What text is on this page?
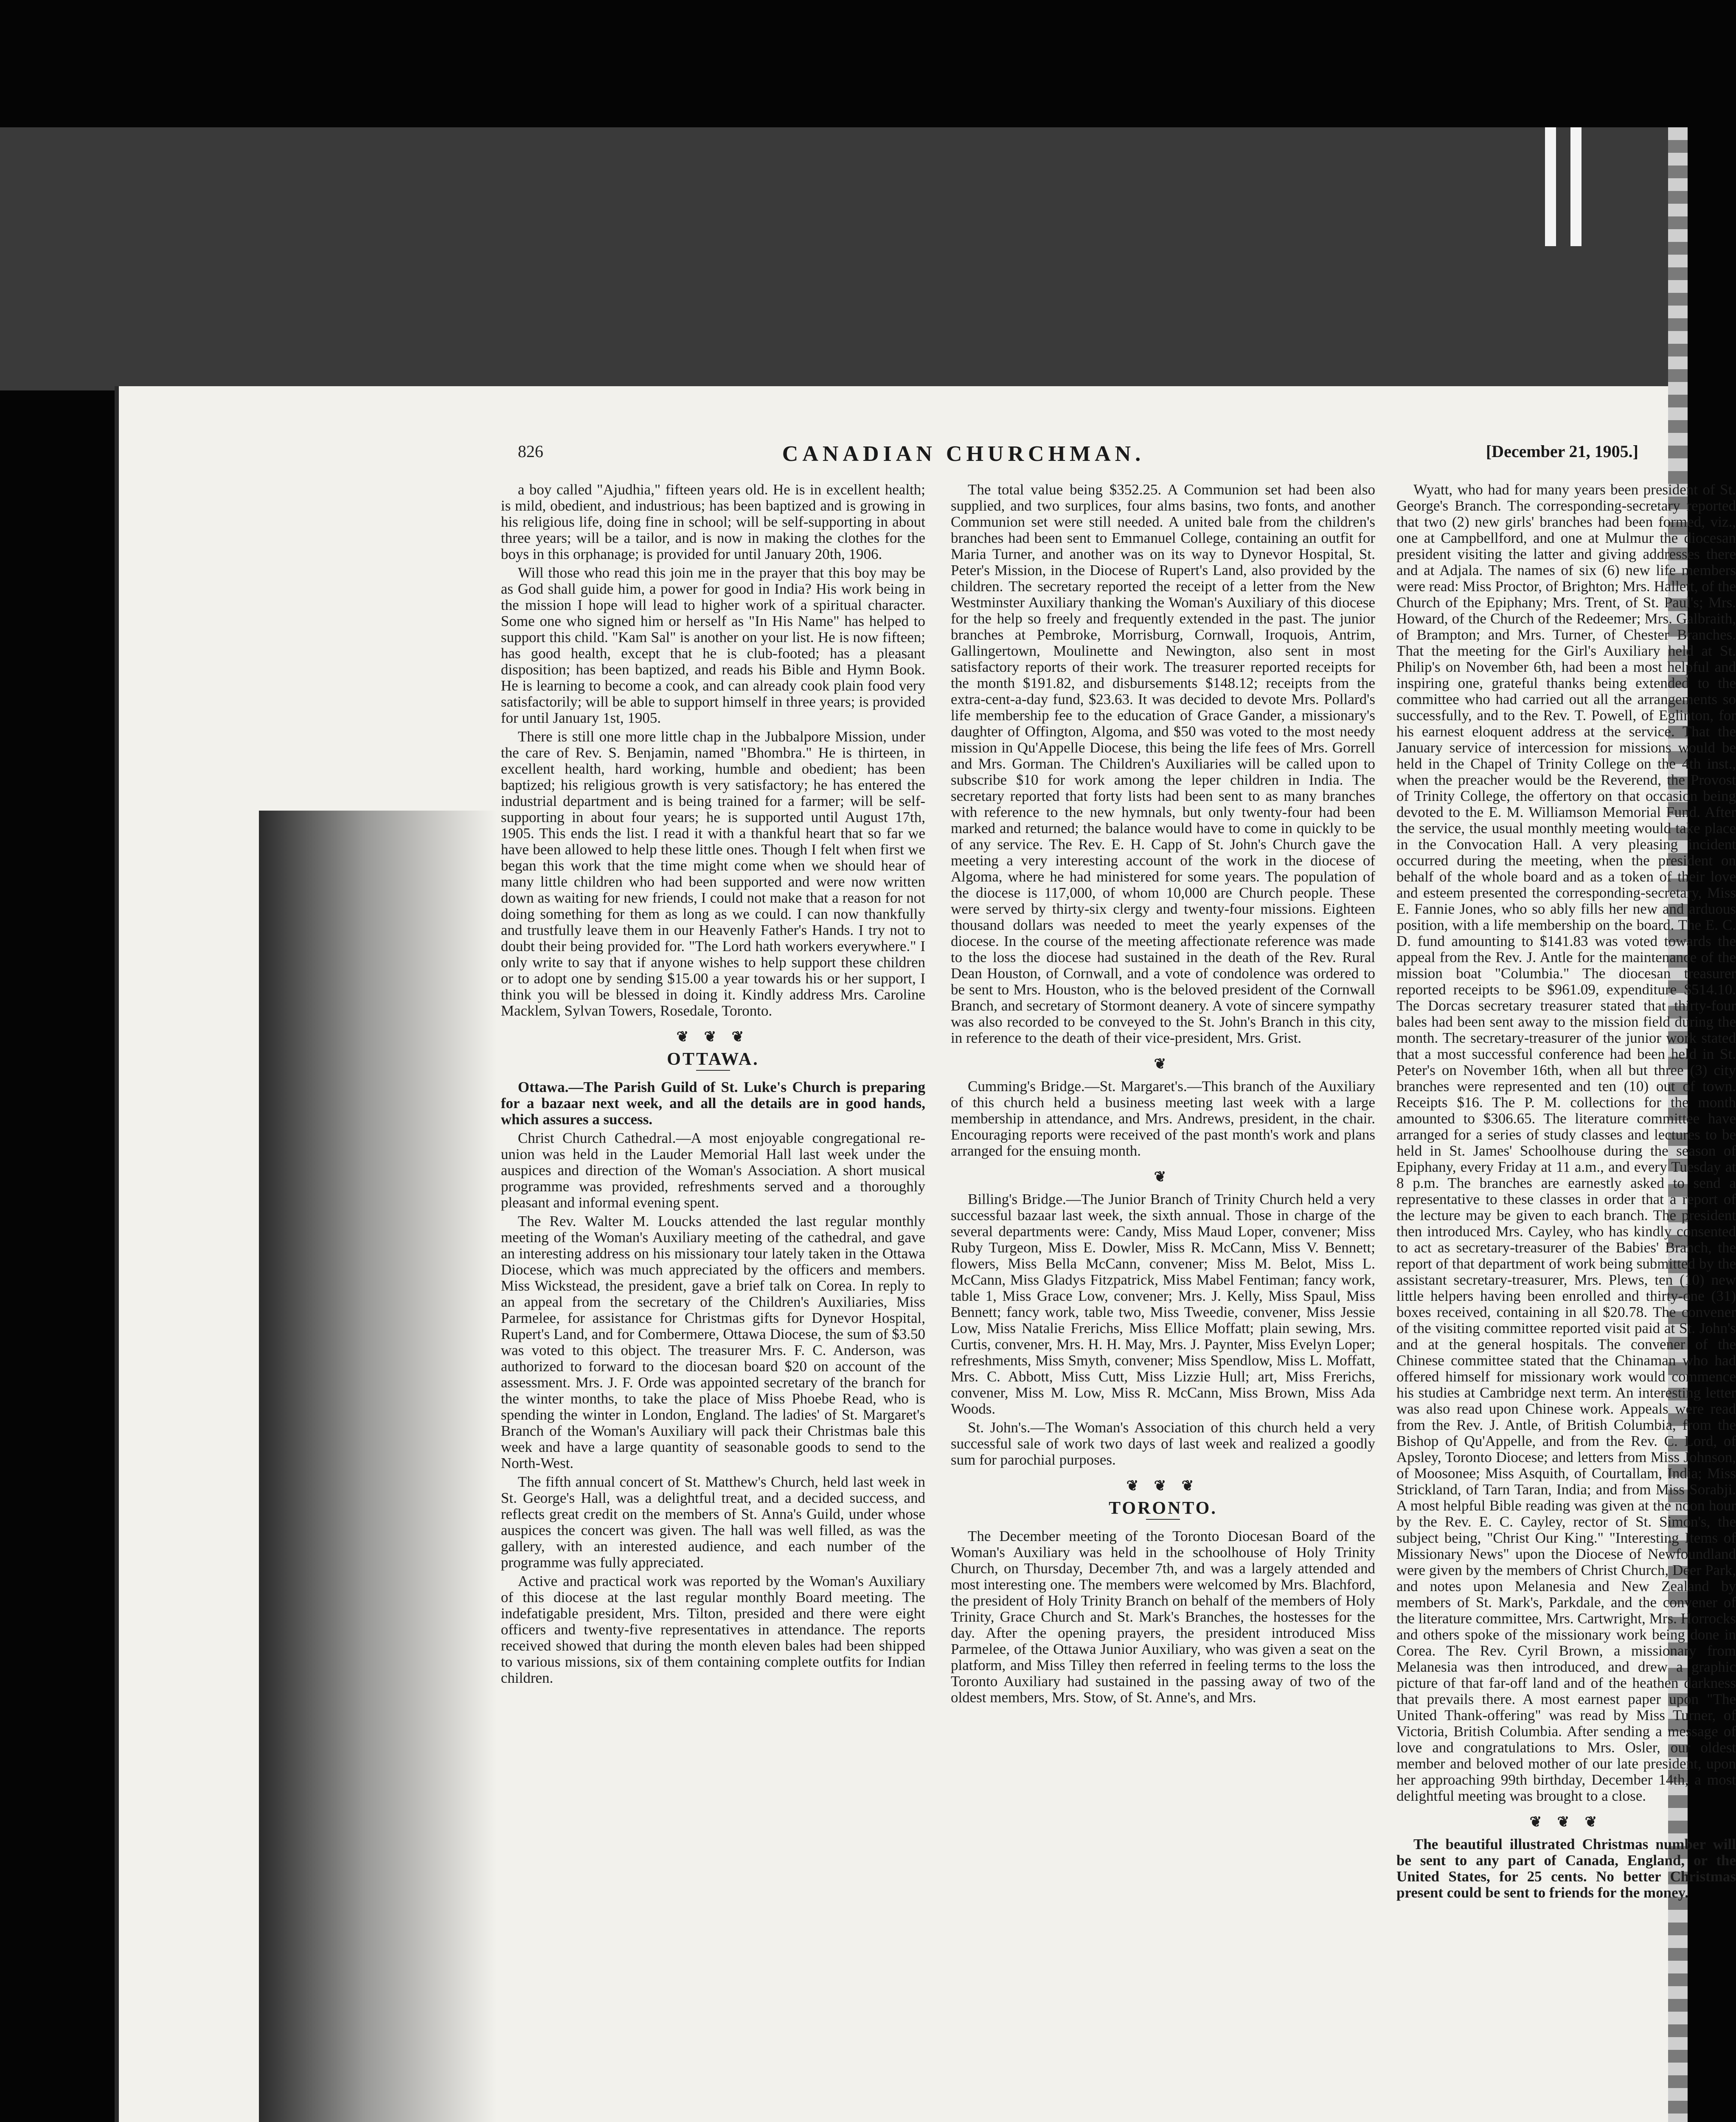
826	CANADIAN CHURCHMAN.	[December 21, 1905.]

a boy called "Ajudhia," fifteen years old. He is in excellent health; is mild, obedient, and industrious; has been baptized and is growing in his religious life, doing fine in school; will be self-supporting in about three years; will be a tailor, and is now in making the clothes for the boys in this orphanage; is provided for until January 20th, 1906.

Will those who read this join me in the prayer that this boy may be as God shall guide him, a power for good in India? His work being in the mission I hope will lead to higher work of a spiritual character. Some one who signed him or herself as "In His Name" has helped to support this child. "Kam Sal" is another on your list. He is now fifteen; has good health, except that he is club-footed; has a pleasant disposition; has been baptized, and reads his Bible and Hymn Book. He is learning to become a cook, and can already cook plain food very satisfactorily; will be able to support himself in three years; is provided for until January 1st, 1905.

There is still one more little chap in the Jubbalpore Mission, under the care of Rev. S. Benjamin, named "Bhombra." He is thirteen, in excellent health, hard working, humble and obedient; has been baptized; his religious growth is very satisfactory; he has entered the industrial department and is being trained for a farmer; will be self-supporting in about four years; he is supported until August 17th, 1905. This ends the list. I read it with a thankful heart that so far we have been allowed to help these little ones. Though I felt when first we began this work that the time might come when we should hear of many little children who had been supported and were now written down as waiting for new friends, I could not make that a reason for not doing something for them as long as we could. I can now thankfully and trustfully leave them in our Heavenly Father's Hands. I try not to doubt their being provided for. "The Lord hath workers everywhere." I only write to say that if anyone wishes to help support these children or to adopt one by sending $15.00 a year towards his or her support, I think you will be blessed in doing it. Kindly address Mrs. Caroline Macklem, Sylvan Towers, Rosedale, Toronto.

❦ ❦ ❦
OTTAWA.

Ottawa.—The Parish Guild of St. Luke's Church is preparing for a bazaar next week, and all the details are in good hands, which assures a success.

Christ Church Cathedral.—A most enjoyable congregational re-union was held in the Lauder Memorial Hall last week under the auspices and direction of the Woman's Association. A short musical programme was provided, refreshments served and a thoroughly pleasant and informal evening spent.

The Rev. Walter M. Loucks attended the last regular monthly meeting of the Woman's Auxiliary meeting of the cathedral, and gave an interesting address on his missionary tour lately taken in the Ottawa Diocese, which was much appreciated by the officers and members. Miss Wickstead, the president, gave a brief talk on Corea. In reply to an appeal from the secretary of the Children's Auxiliaries, Miss Parmelee, for assistance for Christmas gifts for Dynevor Hospital, Rupert's Land, and for Combermere, Ottawa Diocese, the sum of $3.50 was voted to this object. The treasurer Mrs. F. C. Anderson, was authorized to forward to the diocesan board $20 on account of the assessment. Mrs. J. F. Orde was appointed secretary of the branch for the winter months, to take the place of Miss Phoebe Read, who is spending the winter in London, England. The ladies' of St. Margaret's Branch of the Woman's Auxiliary will pack their Christmas bale this week and have a large quantity of seasonable goods to send to the North-West.

The fifth annual concert of St. Matthew's Church, held last week in St. George's Hall, was a delightful treat, and a decided success, and reflects great credit on the members of St. Anna's Guild, under whose auspices the concert was given. The hall was well filled, as was the gallery, with an interested audience, and each number of the programme was fully appreciated.

Active and practical work was reported by the Woman's Auxiliary of this diocese at the last regular monthly Board meeting. The indefatigable president, Mrs. Tilton, presided and there were eight officers and twenty-five representatives in attendance. The reports received showed that during the month eleven bales had been shipped to various missions, six of them containing complete outfits for Indian children.

The total value being $352.25. A Communion set had been also supplied, and two surplices, four alms basins, two fonts, and another Communion set were still needed. A united bale from the children's branches had been sent to Emmanuel College, containing an outfit for Maria Turner, and another was on its way to Dynevor Hospital, St. Peter's Mission, in the Diocese of Rupert's Land, also provided by the children. The secretary reported the receipt of a letter from the New Westminster Auxiliary thanking the Woman's Auxiliary of this diocese for the help so freely and frequently extended in the past. The junior branches at Pembroke, Morrisburg, Cornwall, Iroquois, Antrim, Gallingertown, Moulinette and Newington, also sent in most satisfactory reports of their work. The treasurer reported receipts for the month $191.82, and disbursements $148.12; receipts from the extra-cent-a-day fund, $23.63. It was decided to devote Mrs. Pollard's life membership fee to the education of Grace Gander, a missionary's daughter of Offington, Algoma, and $50 was voted to the most needy mission in Qu'Appelle Diocese, this being the life fees of Mrs. Gorrell and Mrs. Gorman. The Children's Auxiliaries will be called upon to subscribe $10 for work among the leper children in India. The secretary reported that forty lists had been sent to as many branches with reference to the new hymnals, but only twenty-four had been marked and returned; the balance would have to come in quickly to be of any service. The Rev. E. H. Capp of St. John's Church gave the meeting a very interesting account of the work in the diocese of Algoma, where he had ministered for some years. The population of the diocese is 117,000, of whom 10,000 are Church people. These were served by thirty-six clergy and twenty-four missions. Eighteen thousand dollars was needed to meet the yearly expenses of the diocese. In the course of the meeting affectionate reference was made to the loss the diocese had sustained in the death of the Rev. Rural Dean Houston, of Cornwall, and a vote of condolence was ordered to be sent to Mrs. Houston, who is the beloved president of the Cornwall Branch, and secretary of Stormont deanery. A vote of sincere sympathy was also recorded to be conveyed to the St. John's Branch in this city, in reference to the death of their vice-president, Mrs. Grist.

❦

Cumming's Bridge.—St. Margaret's.—This branch of the Auxiliary of this church held a business meeting last week with a large membership in attendance, and Mrs. Andrews, president, in the chair. Encouraging reports were received of the past month's work and plans arranged for the ensuing month.

❦

Billing's Bridge.—The Junior Branch of Trinity Church held a very successful bazaar last week, the sixth annual. Those in charge of the several departments were: Candy, Miss Maud Loper, convener; Miss Ruby Turgeon, Miss E. Dowler, Miss R. McCann, Miss V. Bennett; flowers, Miss Bella McCann, convener; Miss M. Belot, Miss L. McCann, Miss Gladys Fitzpatrick, Miss Mabel Fentiman; fancy work, table 1, Miss Grace Low, convener; Mrs. J. Kelly, Miss Spaul, Miss Bennett; fancy work, table two, Miss Tweedie, convener, Miss Jessie Low, Miss Natalie Frerichs, Miss Ellice Moffatt; plain sewing, Mrs. Curtis, convener, Mrs. H. H. May, Mrs. J. Paynter, Miss Evelyn Loper; refreshments, Miss Smyth, convener; Miss Spendlow, Miss L. Moffatt, Mrs. C. Abbott, Miss Cutt, Miss Lizzie Hull; art, Miss Frerichs, convener, Miss M. Low, Miss R. McCann, Miss Brown, Miss Ada Woods.

St. John's.—The Woman's Association of this church held a very successful sale of work two days of last week and realized a goodly sum for parochial purposes.

❦ ❦ ❦
TORONTO.

The December meeting of the Toronto Diocesan Board of the Woman's Auxiliary was held in the schoolhouse of Holy Trinity Church, on Thursday, December 7th, and was a largely attended and most interesting one. The members were welcomed by Mrs. Blachford, the president of Holy Trinity Branch on behalf of the members of Holy Trinity, Grace Church and St. Mark's Branches, the hostesses for the day. After the opening prayers, the president introduced Miss Parmelee, of the Ottawa Junior Auxiliary, who was given a seat on the platform, and Miss Tilley then referred in feeling terms to the loss the Toronto Auxiliary had sustained in the passing away of two of the oldest members, Mrs. Stow, of St. Anne's, and Mrs.

Wyatt, who had for many years been president of St. George's Branch. The corresponding-secretary reported that two (2) new girls' branches had been formed, viz., one at Campbellford, and one at Mulmur the diocesan president visiting the latter and giving addresses there and at Adjala. The names of six (6) new life members were read: Miss Proctor, of Brighton; Mrs. Hallett, of the Church of the Epiphany; Mrs. Trent, of St. Paul's; Mrs. Howard, of the Church of the Redeemer; Mrs. Galbraith, of Brampton; and Mrs. Turner, of Chester Branches. That the meeting for the Girl's Auxiliary held at St. Philip's on November 6th, had been a most helpful and inspiring one, grateful thanks being extended to the committee who had carried out all the arrangements so successfully, and to the Rev. T. Powell, of Eglinton, for his earnest eloquent address at the service. That the January service of intercession for missions would be held in the Chapel of Trinity College on the 4th inst., when the preacher would be the Reverend, the Provost of Trinity College, the offertory on that occasion being devoted to the E. M. Williamson Memorial Fund. After the service, the usual monthly meeting would take place in the Convocation Hall. A very pleasing incident occurred during the meeting, when the president on behalf of the whole board and as a token of their love and esteem presented the corresponding-secretary, Miss E. Fannie Jones, who so ably fills her new and arduous position, with a life membership on the board. The E. C. D. fund amounting to $141.83 was voted towards the appeal from the Rev. J. Antle for the maintenance of the mission boat "Columbia." The diocesan treasurer reported receipts to be $961.09, expenditure $514.10. The Dorcas secretary treasurer stated that thirty-four bales had been sent away to the mission field during the month. The secretary-treasurer of the junior work stated that a most successful conference had been held in St. Peter's on November 16th, when all but three (3) city branches were represented and ten (10) out of town. Receipts $16. The P. M. collections for the month amounted to $306.65. The literature committee have arranged for a series of study classes and lectures to be held in St. James' Schoolhouse during the season of Epiphany, every Friday at 11 a.m., and every Tuesday at 8 p.m. The branches are earnestly asked to send a representative to these classes in order that a report of the lecture may be given to each branch. The president then introduced Mrs. Cayley, who has kindly consented to act as secretary-treasurer of the Babies' Branch, the report of that department of work being submitted by the assistant secretary-treasurer, Mrs. Plews, ten (10) new little helpers having been enrolled and thirty-one (31) boxes received, containing in all $20.78. The convener of the visiting committee reported visit paid at St. John's and at the general hospitals. The convener of the Chinese committee stated that the Chinaman who had offered himself for missionary work would commence his studies at Cambridge next term. An interesting letter was also read upon Chinese work. Appeals were read from the Rev. J. Antle, of British Columbia, from the Bishop of Qu'Appelle, and from the Rev. C. Lord, of Apsley, Toronto Diocese; and letters from Miss Johnson, of Moosonee; Miss Asquith, of Courtallam, India; Miss Strickland, of Tarn Taran, India; and from Miss Sorabji. A most helpful Bible reading was given at the noon hour by the Rev. E. C. Cayley, rector of St. Simon's, the subject being, "Christ Our King." "Interesting Items of Missionary News" upon the Diocese of Newfoundland were given by the members of Christ Church, Deer Park, and notes upon Melanesia and New Zealand by members of St. Mark's, Parkdale, and the convener of the literature committee, Mrs. Cartwright, Mrs. Horrocks and others spoke of the missionary work being done in Corea. The Rev. Cyril Brown, a missionary from Melanesia was then introduced, and drew a graphic picture of that far-off land and of the heathen darkness that prevails there. A most earnest paper upon "The United Thank-offering" was read by Miss Turner, of Victoria, British Columbia. After sending a message of love and congratulations to Mrs. Osler, our oldest member and beloved mother of our late president, upon her approaching 99th birthday, December 14th, a most delightful meeting was brought to a close.

❦ ❦ ❦

The beautiful illustrated Christmas number will be sent to any part of Canada, England, or the United States, for 25 cents. No better Christmas present could be sent to friends for the money.
